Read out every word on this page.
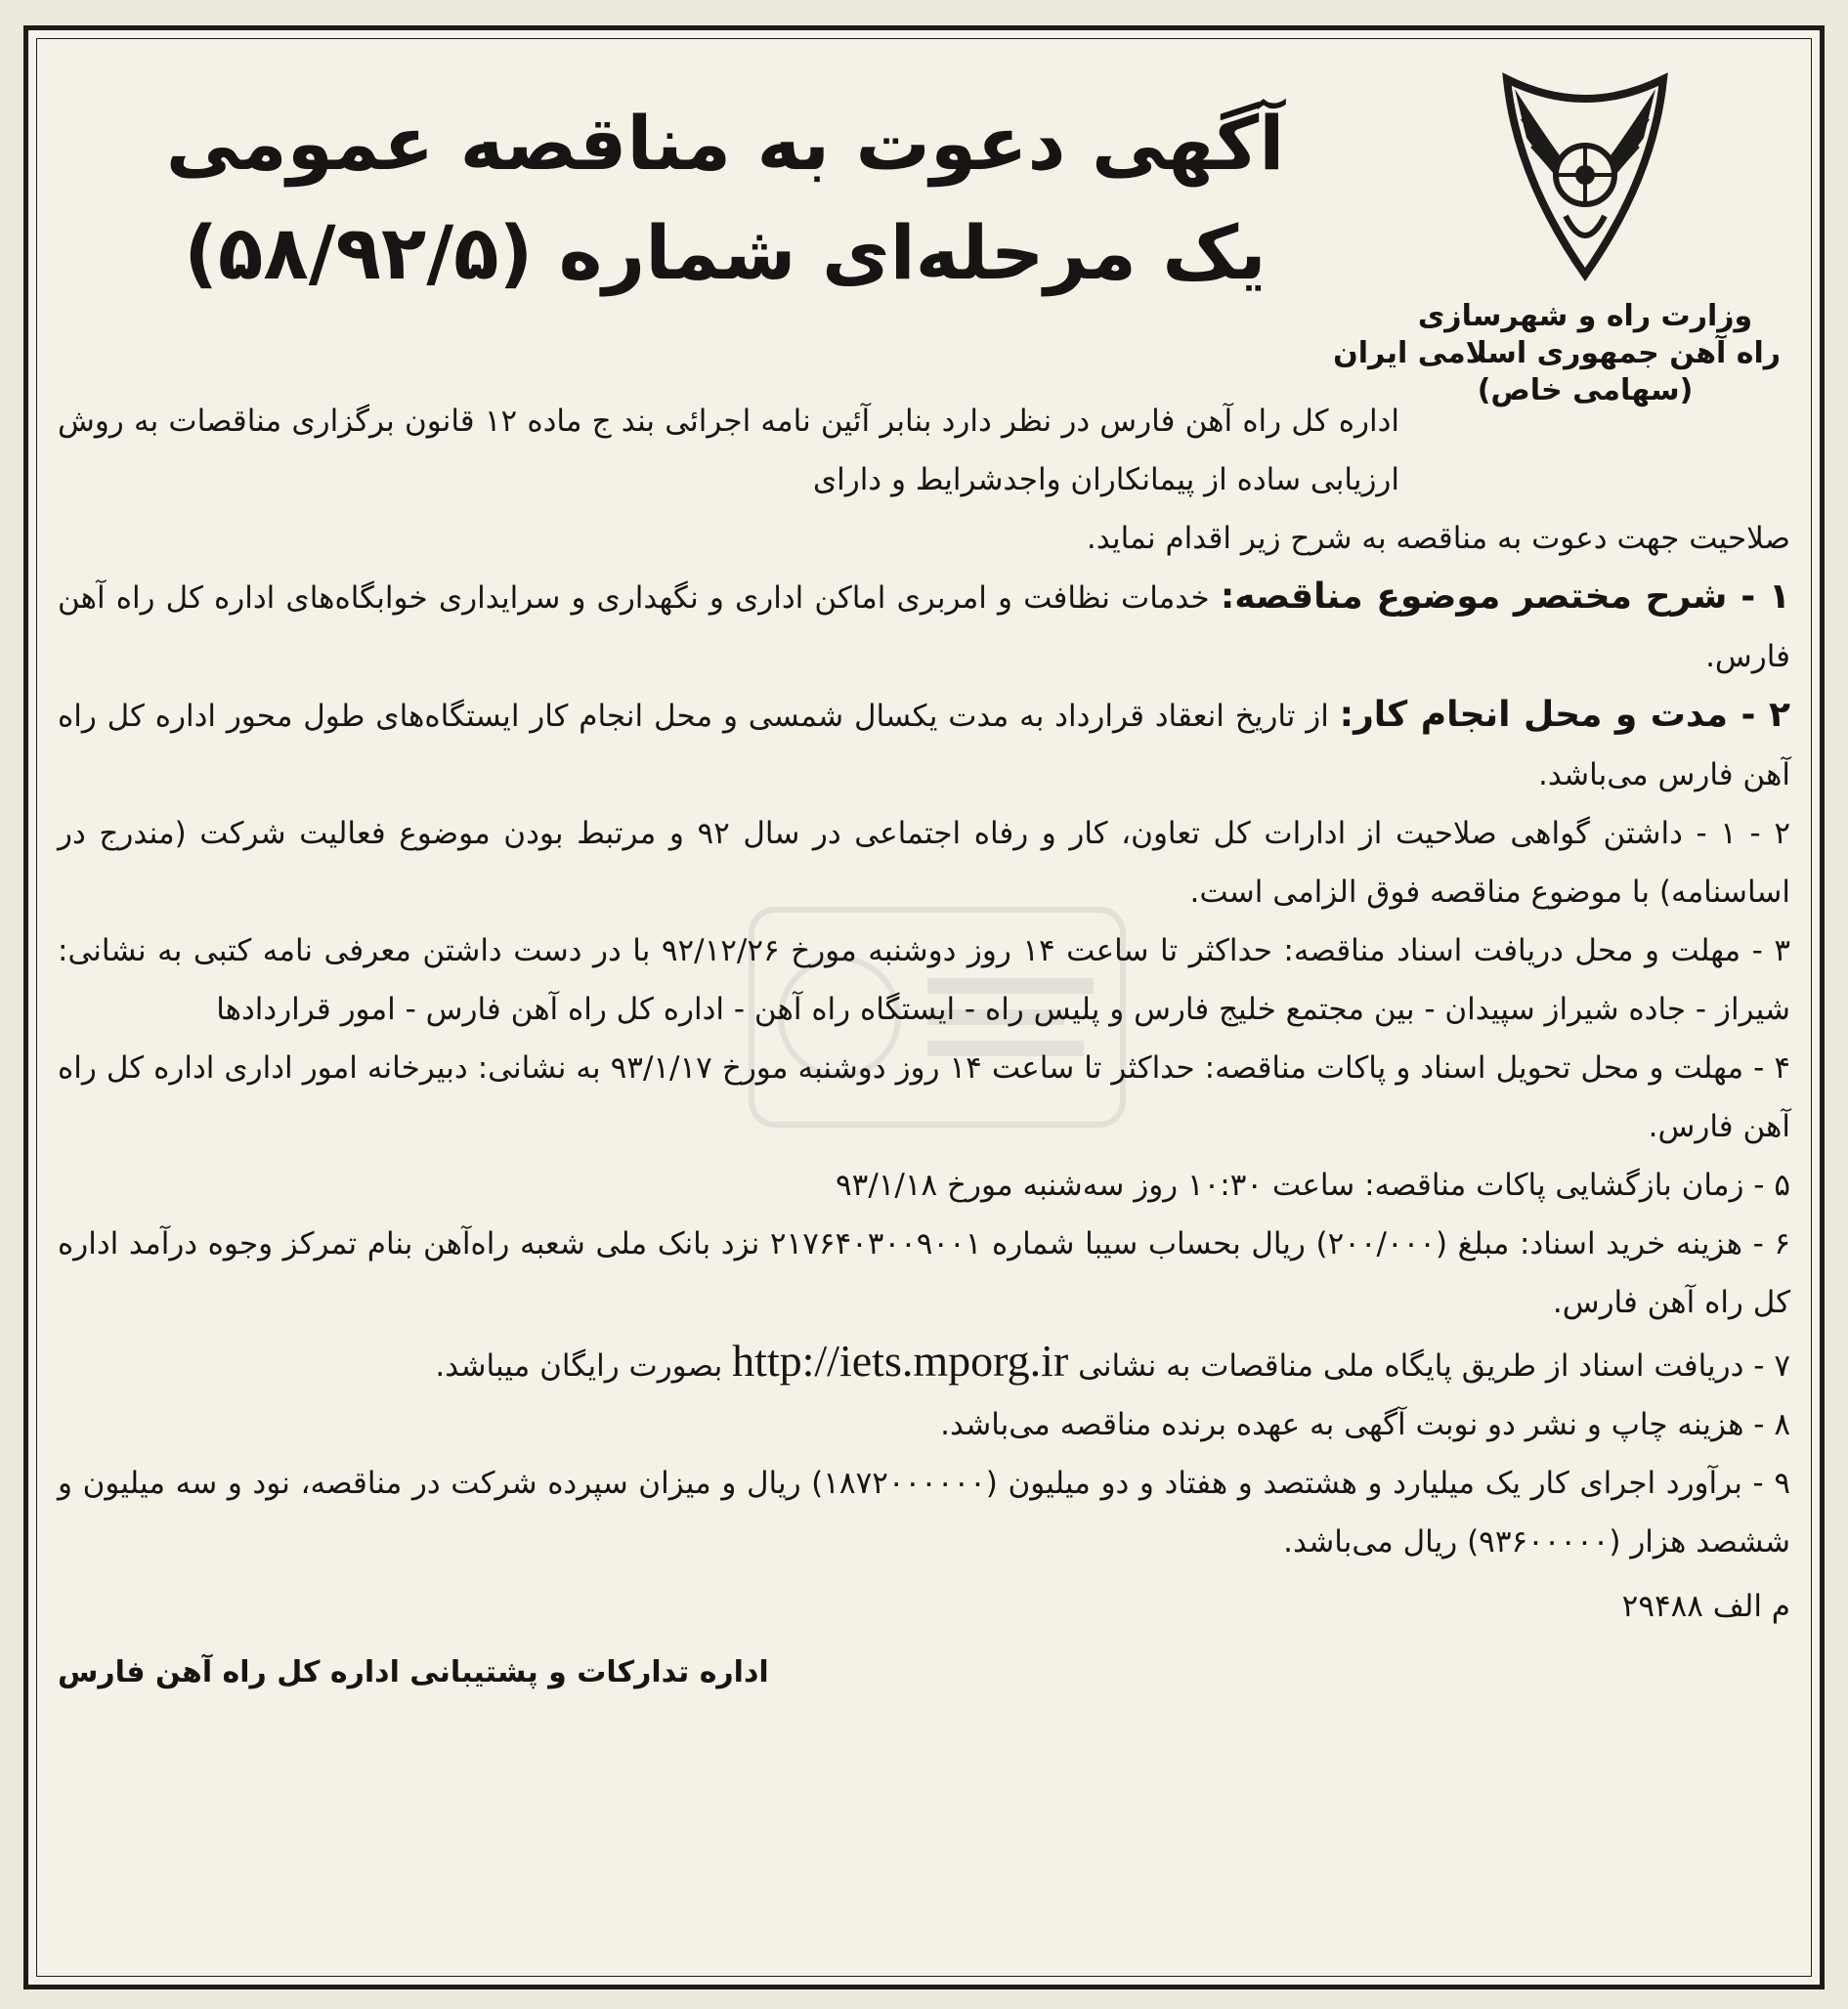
وزارت راه و شهرسازی
راه آهن جمهوری اسلامی ایران
(سهامی خاص)
آگهی دعوت به مناقصه عمومی
یک مرحله‌ای شماره (۵۸/۹۲/۵)

اداره کل راه آهن فارس در نظر دارد بنابر آئین نامه اجرائی بند ج ماده ۱۲ قانون برگزاری مناقصات به روش ارزیابی ساده از پیمانکاران واجدشرایط و دارای

صلاحیت جهت دعوت به مناقصه به شرح زیر اقدام نماید.

۱ - شرح مختصر موضوع مناقصه: خدمات نظافت و امربری اماکن اداری و نگهداری و سرایداری خوابگاه‌های اداره کل راه آهن فارس.

۲ - مدت و محل انجام کار: از تاریخ انعقاد قرارداد به مدت یکسال شمسی و محل انجام کار ایستگاه‌های طول محور اداره کل راه آهن فارس می‌باشد.

۲ - ۱ - داشتن گواهی صلاحیت از ادارات کل تعاون، کار و رفاه اجتماعی در سال ۹۲ و مرتبط بودن موضوع فعالیت شرکت (مندرج در اساسنامه) با موضوع مناقصه فوق الزامی است.

۳ - مهلت و محل دریافت اسناد مناقصه: حداکثر تا ساعت ۱۴ روز دوشنبه مورخ ۹۲/۱۲/۲۶ با در دست داشتن معرفی نامه کتبی به نشانی: شیراز - جاده شیراز سپیدان - بین مجتمع خلیج فارس و پلیس راه - ایستگاه راه آهن - اداره کل راه آهن فارس - امور قراردادها

۴ - مهلت و محل تحویل اسناد و پاکات مناقصه: حداکثر تا ساعت ۱۴ روز دوشنبه مورخ ۹۳/۱/۱۷ به نشانی: دبیرخانه امور اداری اداره کل راه آهن فارس.

۵ - زمان بازگشایی پاکات مناقصه: ساعت ۱۰:۳۰ روز سه‌شنبه مورخ ۹۳/۱/۱۸

۶ - هزینه خرید اسناد: مبلغ (۲۰۰/۰۰۰) ریال بحساب سیبا شماره ۲۱۷۶۴۰۳۰۰۹۰۰۱ نزد بانک ملی شعبه راه‌آهن بنام تمرکز وجوه درآمد اداره کل راه آهن فارس.

۷ - دریافت اسناد از طریق پایگاه ملی مناقصات به نشانی http://iets.mporg.ir بصورت رایگان میباشد.

۸ - هزینه چاپ و نشر دو نوبت آگهی به عهده برنده مناقصه می‌باشد.

۹ - برآورد اجرای کار یک میلیارد و هشتصد و هفتاد و دو میلیون (۱۸۷۲۰۰۰۰۰۰) ریال و میزان سپرده شرکت در مناقصه، نود و سه میلیون و ششصد هزار (۹۳۶۰۰۰۰۰) ریال می‌باشد.

م الف ۲۹۴۸۸

اداره تدارکات و پشتیبانی اداره کل راه آهن فارس
